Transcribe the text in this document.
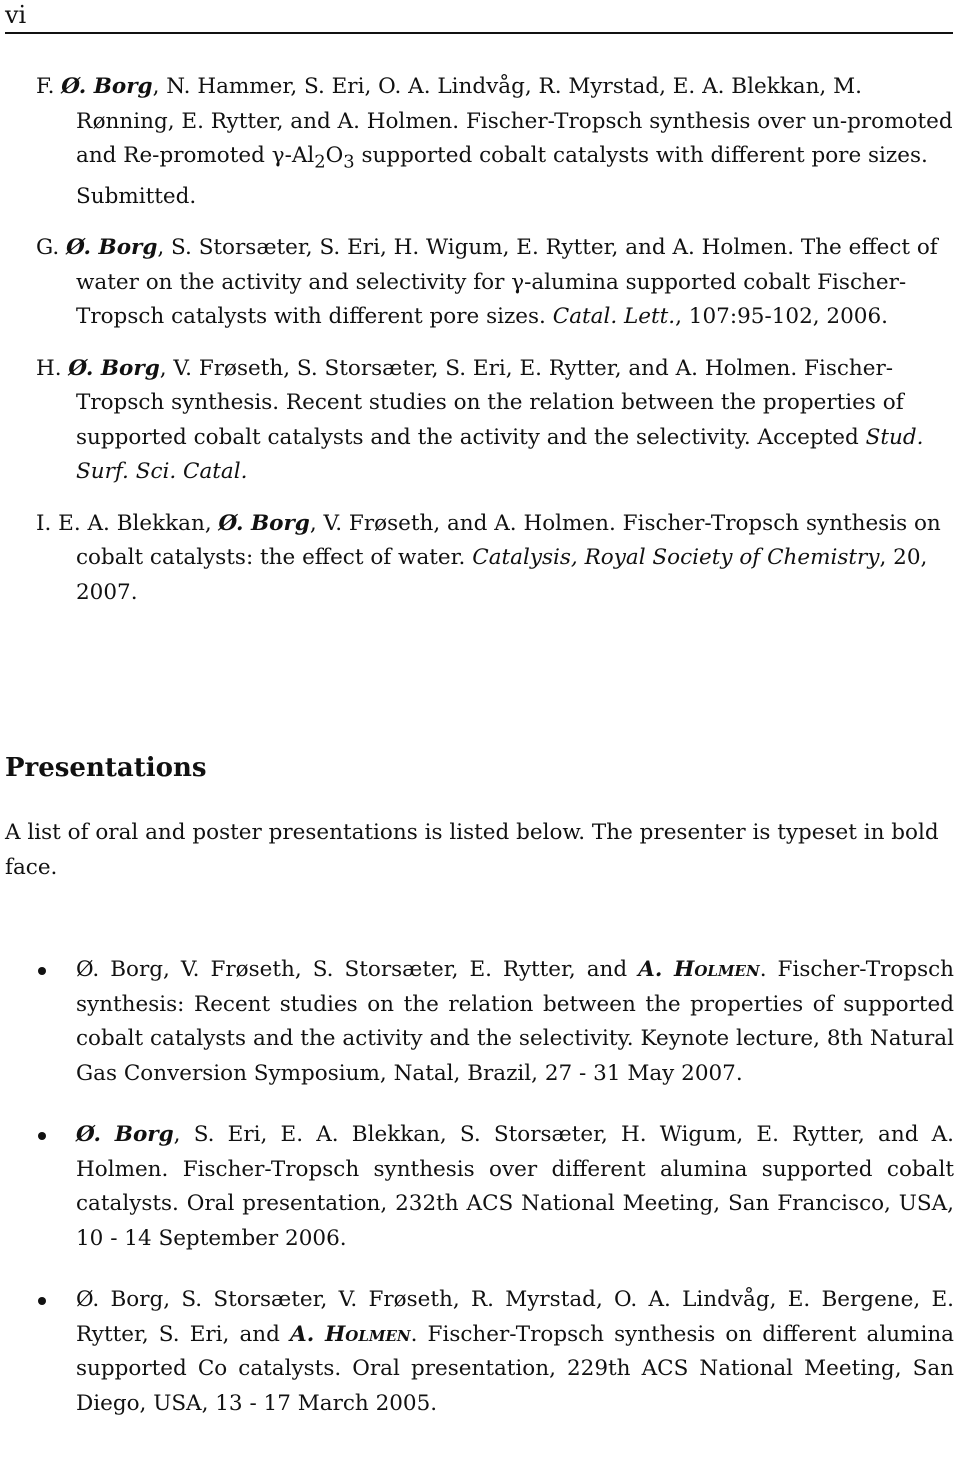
vi

F. Ø. Borg, N. Hammer, S. Eri, O. A. Lindvåg, R. Myrstad, E. A. Blekkan, M. Rønning, E. Rytter, and A. Holmen. Fischer-Tropsch synthesis over un-promoted and Re-promoted $\gamma-Al_2O_3$ supported cobalt catalysts with different pore sizes. Submitted.

G. Ø. Borg, S. Storsæter, S. Eri, H. Wigum, E. Rytter, and A. Holmen. The effect of water on the activity and selectivity for γ-alumina supported cobalt Fischer-Tropsch catalysts with different pore sizes. Catal. Lett., 107:95-102, 2006.

H. Ø. Borg, V. Frøseth, S. Storsæter, S. Eri, E. Rytter, and A. Holmen. Fischer-Tropsch synthesis. Recent studies on the relation between the properties of supported cobalt catalysts and the activity and the selectivity. Accepted Stud. Surf. Sci. Catal.

I. E. A. Blekkan, Ø. Borg, V. Frøseth, and A. Holmen. Fischer-Tropsch synthesis on cobalt catalysts: the effect of water. Catalysis, Royal Society of Chemistry, 20, 2007.

Presentations

A list of oral and poster presentations is listed below. The presenter is typeset in bold face.

Ø. Borg, V. Frøseth, S. Storsæter, E. Rytter, and A. Holmen. Fischer-Tropsch synthesis: Recent studies on the relation between the properties of supported cobalt catalysts and the activity and the selectivity. Keynote lecture, 8th Natural Gas Conversion Symposium, Natal, Brazil, 27 - 31 May 2007.
Ø. Borg, S. Eri, E. A. Blekkan, S. Storsæter, H. Wigum, E. Rytter, and A. Holmen. Fischer-Tropsch synthesis over different alumina supported cobalt catalysts. Oral presentation, 232th ACS National Meeting, San Francisco, USA, 10 - 14 September 2006.
Ø. Borg, S. Storsæter, V. Frøseth, R. Myrstad, O. A. Lindvåg, E. Bergene, E. Rytter, S. Eri, and A. Holmen. Fischer-Tropsch synthesis on different alumina supported Co catalysts. Oral presentation, 229th ACS National Meeting, San Diego, USA, 13 - 17 March 2005.
